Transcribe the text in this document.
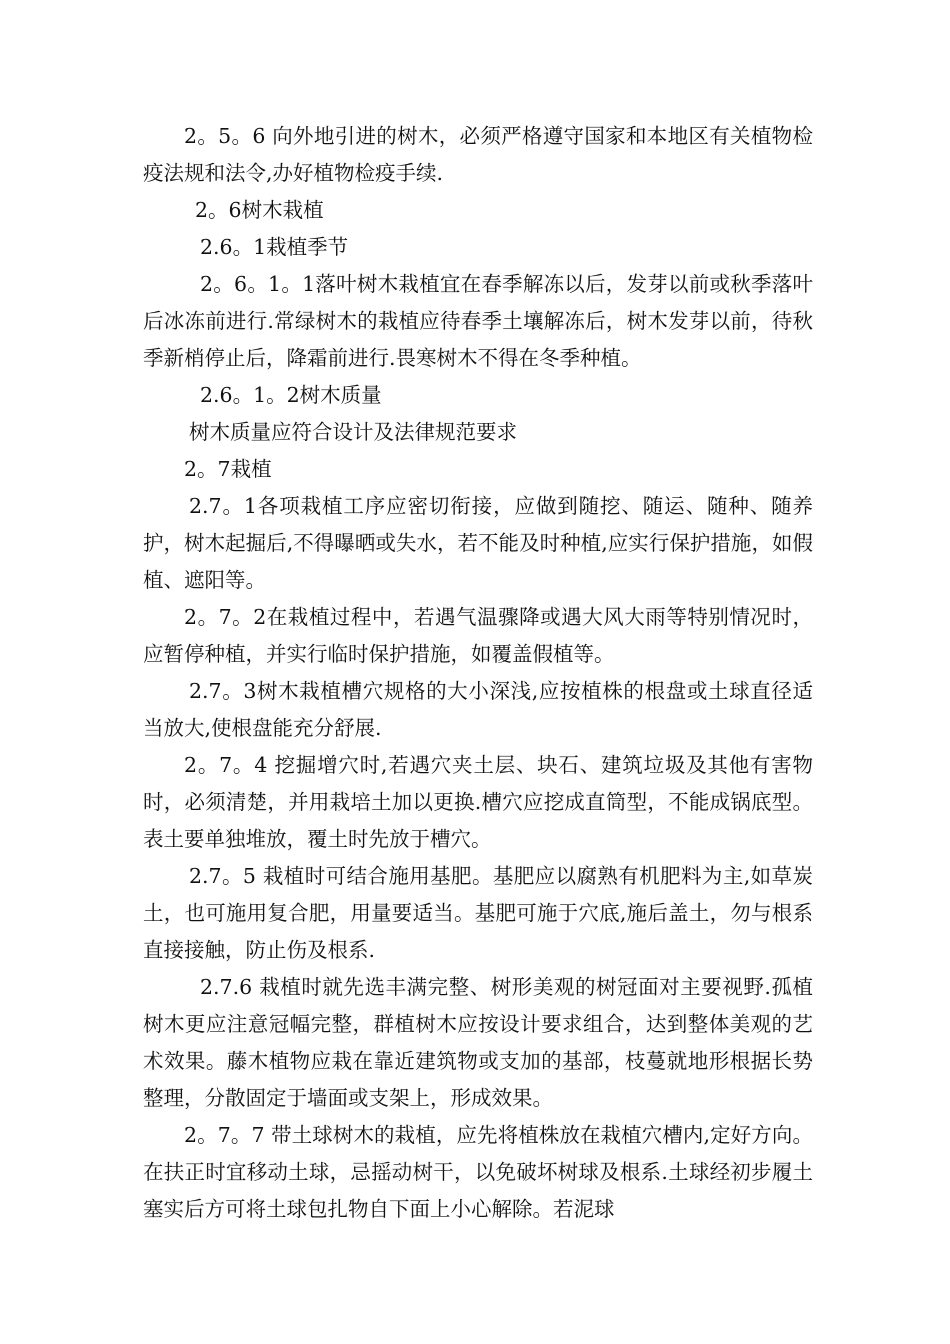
2。5。6 向外地引进的树木，必须严格遵守国家和本地区有关植物检疫法规和法令,办好植物检疫手续.

2。6树木栽植

2.6。1栽植季节

2。6。1。1落叶树木栽植宜在春季解冻以后，发芽以前或秋季落叶后冰冻前进行.常绿树木的栽植应待春季土壤解冻后，树木发芽以前，待秋季新梢停止后，降霜前进行.畏寒树木不得在冬季种植。

2.6。1。2树木质量

树木质量应符合设计及法律规范要求

2。7栽植

2.7。1各项栽植工序应密切衔接，应做到随挖、随运、随种、随养护，树木起掘后,不得曝晒或失水，若不能及时种植,应实行保护措施，如假植、遮阳等。

2。7。2在栽植过程中，若遇气温骤降或遇大风大雨等特别情况时，应暂停种植，并实行临时保护措施，如覆盖假植等。

2.7。3树木栽植槽穴规格的大小深浅,应按植株的根盘或土球直径适当放大,使根盘能充分舒展.

2。7。4 挖掘增穴时,若遇穴夹土层、块石、建筑垃圾及其他有害物时，必须清楚，并用栽培土加以更换.槽穴应挖成直筒型，不能成锅底型。表土要单独堆放，覆土时先放于槽穴。

2.7。5 栽植时可结合施用基肥。基肥应以腐熟有机肥料为主,如草炭土，也可施用复合肥，用量要适当。基肥可施于穴底,施后盖土，勿与根系直接接触，防止伤及根系.

2.7.6 栽植时就先选丰满完整、树形美观的树冠面对主要视野.孤植树木更应注意冠幅完整，群植树木应按设计要求组合，达到整体美观的艺术效果。藤木植物应栽在靠近建筑物或支加的基部，枝蔓就地形根据长势整理，分散固定于墙面或支架上，形成效果。

2。7。7 带土球树木的栽植，应先将植株放在栽植穴槽内,定好方向。在扶正时宜移动土球，忌摇动树干，以免破坏树球及根系.土球经初步履土塞实后方可将土球包扎物自下面上小心解除。若泥球
